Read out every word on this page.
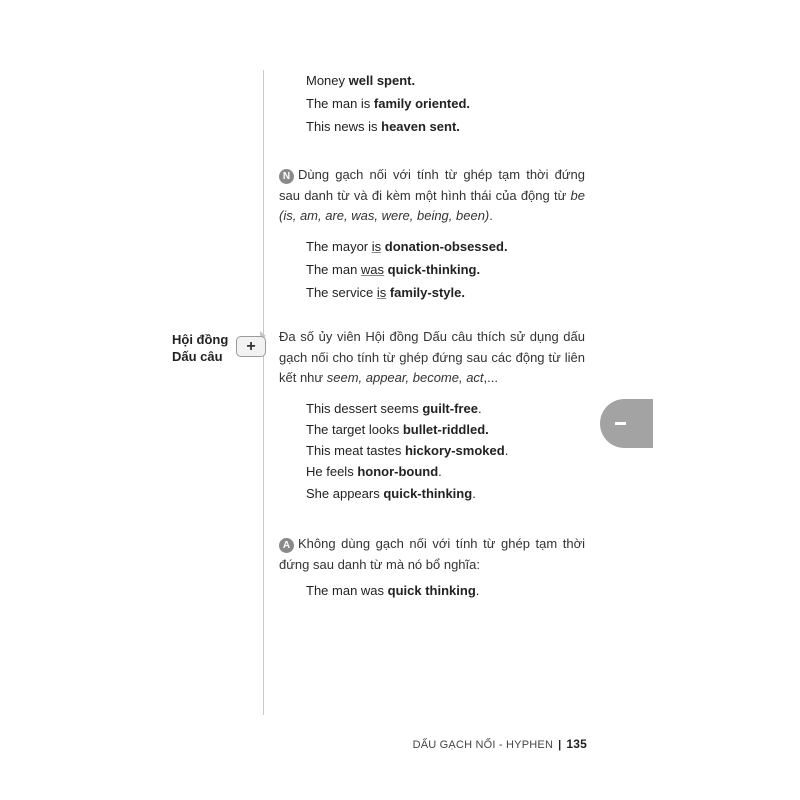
Hội đồng
Dấu câu
+
Money well spent.
The man is family oriented.
This news is heaven sent.
N Dùng gạch nối với tính từ ghép tạm thời đứng sau danh từ và đi kèm một hình thái của động từ be (is, am, are, was, were, being, been).
The mayor is donation-obsessed.
The man was quick-thinking.
The service is family-style.
Đa số ủy viên Hội đồng Dấu câu thích sử dụng dấu gạch nối cho tính từ ghép đứng sau các động từ liên kết như seem, appear, become, act,...
This dessert seems guilt-free.
The target looks bullet-riddled.
This meat tastes hickory-smoked.
He feels honor-bound.
She appears quick-thinking.
A Không dùng gạch nối với tính từ ghép tạm thời đứng sau danh từ mà nó bổ nghĩa:
The man was quick thinking.
DẤU GẠCH NỐI - HYPHEN | 135
